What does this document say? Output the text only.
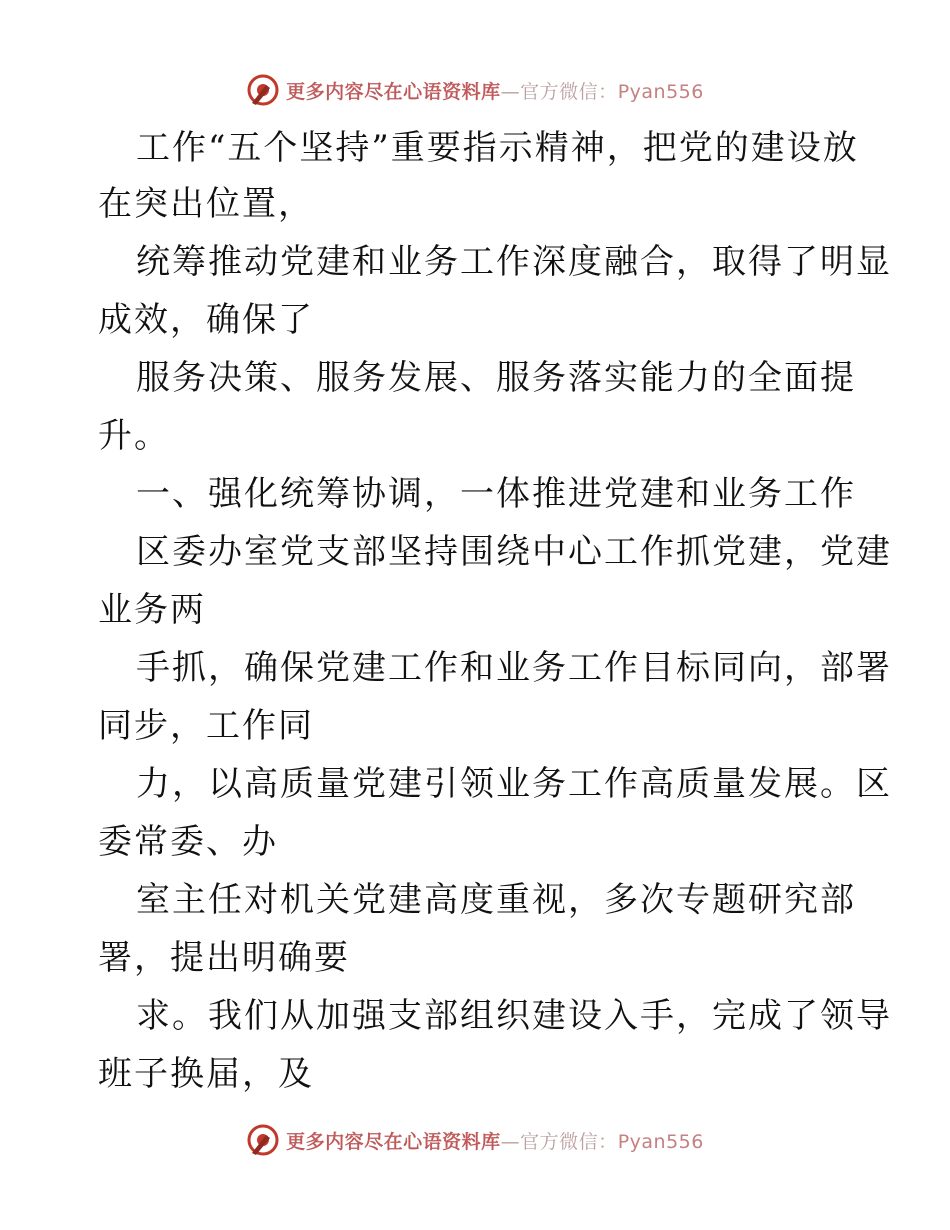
更多内容尽在心语资料库—官方微信：Pyan556
工作“五个坚持”重要指示精神，把党的建设放
在突出位置，
统筹推动党建和业务工作深度融合，取得了明显
成效，确保了
服务决策、服务发展、服务落实能力的全面提
升。
一、强化统筹协调，一体推进党建和业务工作
区委办室党支部坚持围绕中心工作抓党建，党建
业务两
手抓，确保党建工作和业务工作目标同向，部署
同步，工作同
力，以高质量党建引领业务工作高质量发展。区
委常委、办
室主任对机关党建高度重视，多次专题研究部
署，提出明确要
求。我们从加强支部组织建设入手，完成了领导
班子换届，及
更多内容尽在心语资料库—官方微信：Pyan556
